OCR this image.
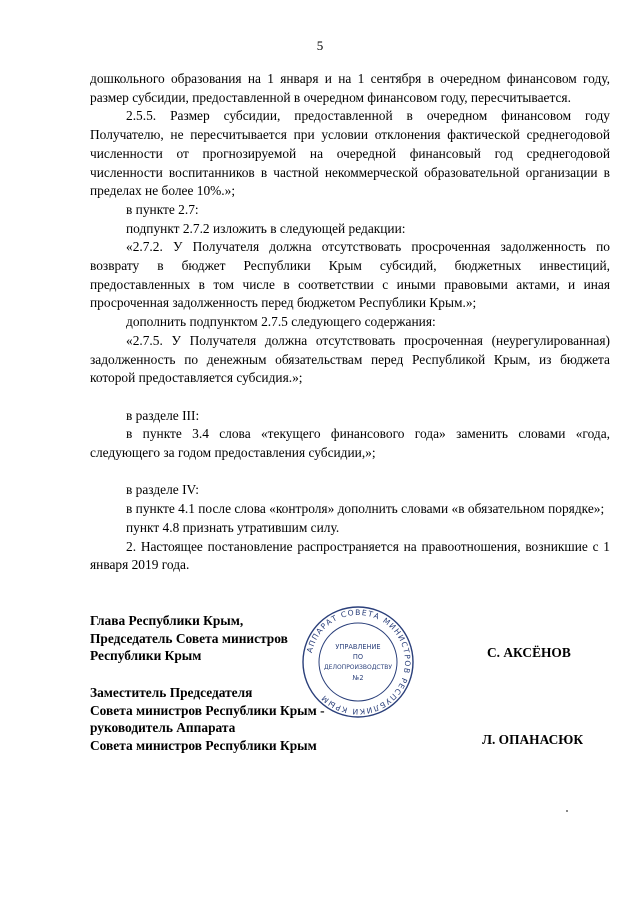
5

дошкольного образования на 1 января и на 1 сентября в очередном финансовом году, размер субсидии, предоставленной в очередном финансовом году, пересчитывается.

2.5.5. Размер субсидии, предоставленной в очередном финансовом году Получателю, не пересчитывается при условии отклонения фактической среднегодовой численности от прогнозируемой на очередной финансовый год среднегодовой численности воспитанников в частной некоммерческой образовательной организации в пределах не более 10%.»;

в пункте 2.7:

подпункт 2.7.2 изложить в следующей редакции:

«2.7.2. У Получателя должна отсутствовать просроченная задолженность по возврату в бюджет Республики Крым субсидий, бюджетных инвестиций, предоставленных в том числе в соответствии с иными правовыми актами, и иная просроченная задолженность перед бюджетом Республики Крым.»;

дополнить подпунктом 2.7.5 следующего содержания:

«2.7.5. У Получателя должна отсутствовать просроченная (неурегулированная) задолженность по денежным обязательствам перед Республикой Крым, из бюджета которой предоставляется субсидия.»;

в разделе III:

в пункте 3.4 слова «текущего финансового года» заменить словами «года, следующего за годом предоставления субсидии,»;

в разделе IV:

в пункте 4.1 после слова «контроля» дополнить словами «в обязательном порядке»;

пункт 4.8 признать утратившим силу.

2. Настоящее постановление распространяется на правоотношения, возникшие с 1 января 2019 года.

Глава Республики Крым,
Председатель Совета министров
Республики Крым	С. АКСЁНОВ
Заместитель Председателя
Совета министров Республики Крым -
руководитель Аппарата
Совета министров Республики Крым	Л. ОПАНАСЮК
АППАРАТ СОВЕТА МИНИСТРОВ РЕСПУБЛИКИ КРЫМ
УПРАВЛЕНИЕ
ПО
ДЕЛОПРОИЗВОДСТВУ
№2
